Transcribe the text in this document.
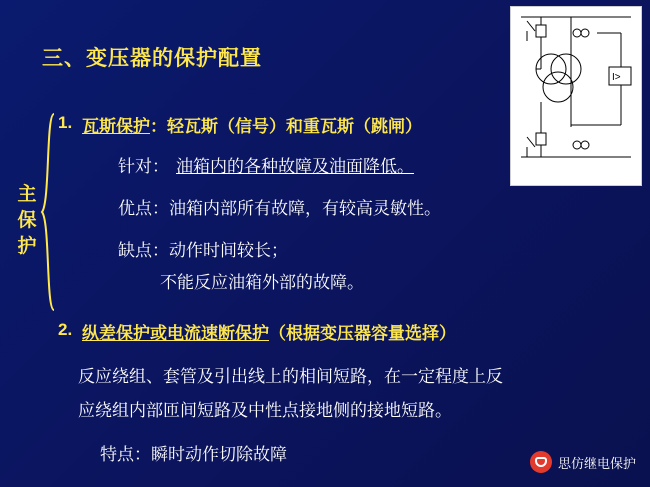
三、变压器的保护配置
主
保
护
1. 瓦斯保护：轻瓦斯（信号）和重瓦斯（跳闸）
针对： 油箱内的各种故障及油面降低。
优点：油箱内部所有故障，有较高灵敏性。
缺点：动作时间较长；
不能反应油箱外部的故障。
2. 纵差保护或电流速断保护（根据变压器容量选择）
反应绕组、套管及引出线上的相间短路，在一定程度上反
应绕组内部匝间短路及中性点接地侧的接地短路。
特点：瞬时动作切除故障
I>
思仿继电保护
